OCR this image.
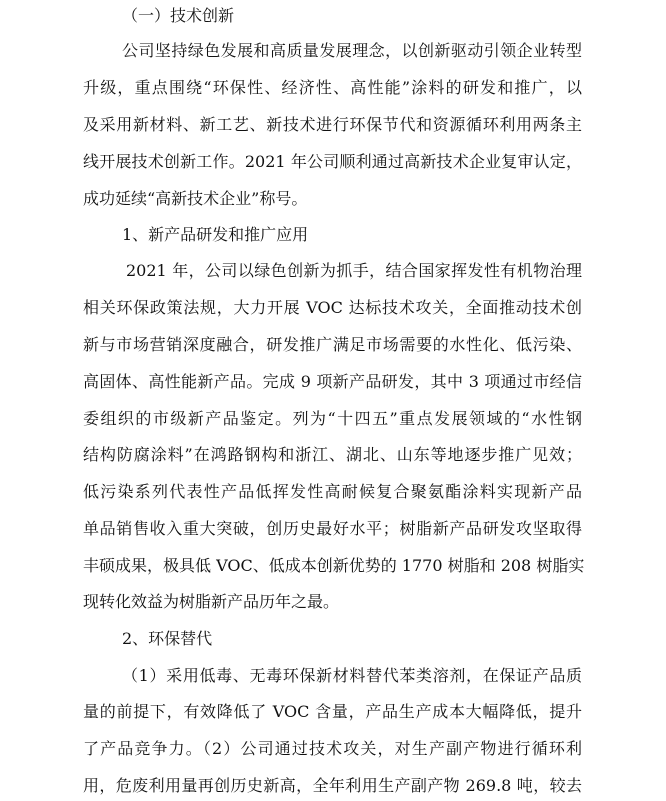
（一）技术创新
公司坚持绿色发展和高质量发展理念，以创新驱动引领企业转型
升级，重点围绕“环保性、经济性、高性能”涂料的研发和推广，以
及采用新材料、新工艺、新技术进行环保节代和资源循环利用两条主
线开展技术创新工作。2021 年公司顺利通过高新技术企业复审认定，
成功延续“高新技术企业”称号。
1、新产品研发和推广应用
2021 年，公司以绿色创新为抓手，结合国家挥发性有机物治理
相关环保政策法规，大力开展 VOC 达标技术攻关，全面推动技术创
新与市场营销深度融合，研发推广满足市场需要的水性化、低污染、
高固体、高性能新产品。完成 9 项新产品研发，其中 3 项通过市经信
委组织的市级新产品鉴定。列为“十四五”重点发展领域的“水性钢
结构防腐涂料”在鸿路钢构和浙江、湖北、山东等地逐步推广见效；
低污染系列代表性产品低挥发性高耐候复合聚氨酯涂料实现新产品
单品销售收入重大突破，创历史最好水平；树脂新产品研发攻坚取得
丰硕成果，极具低 VOC、低成本创新优势的 1770 树脂和 208 树脂实
现转化效益为树脂新产品历年之最。
2、环保替代
（1）采用低毒、无毒环保新材料替代苯类溶剂，在保证产品质
量的前提下，有效降低了 VOC 含量，产品生产成本大幅降低，提升
了产品竞争力。（2）公司通过技术攻关，对生产副产物进行循环利
用，危废利用量再创历史新高，全年利用生产副产物 269.8 吨，较去
